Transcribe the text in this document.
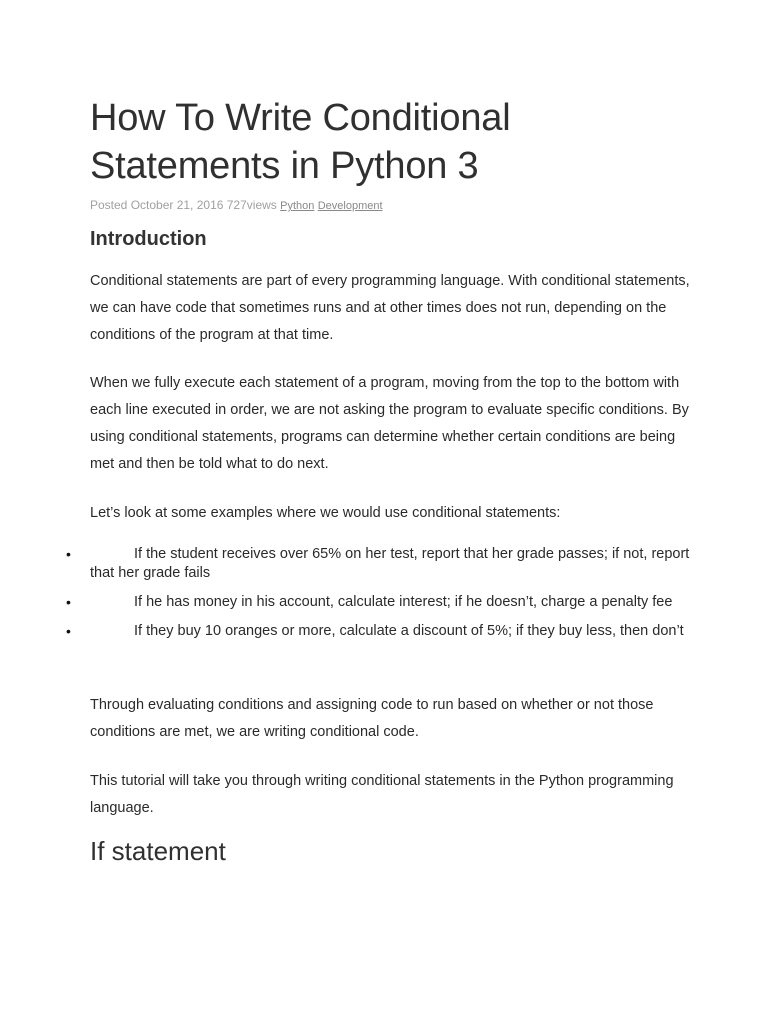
How To Write Conditional Statements in Python 3
Posted October 21, 2016 727views Python Development
Introduction

Conditional statements are part of every programming language. With conditional statements, we can have code that sometimes runs and at other times does not run, depending on the conditions of the program at that time.

When we fully execute each statement of a program, moving from the top to the bottom with each line executed in order, we are not asking the program to evaluate specific conditions. By using conditional statements, programs can determine whether certain conditions are being met and then be told what to do next.

Let’s look at some examples where we would use conditional statements:

•	If the student receives over 65% on her test, report that her grade passes; if not, report that her grade fails
•	If he has money in his account, calculate interest; if he doesn’t, charge a penalty fee
•	If they buy 10 oranges or more, calculate a discount of 5%; if they buy less, then don’t

Through evaluating conditions and assigning code to run based on whether or not those conditions are met, we are writing conditional code.

This tutorial will take you through writing conditional statements in the Python programming language.

If statement
